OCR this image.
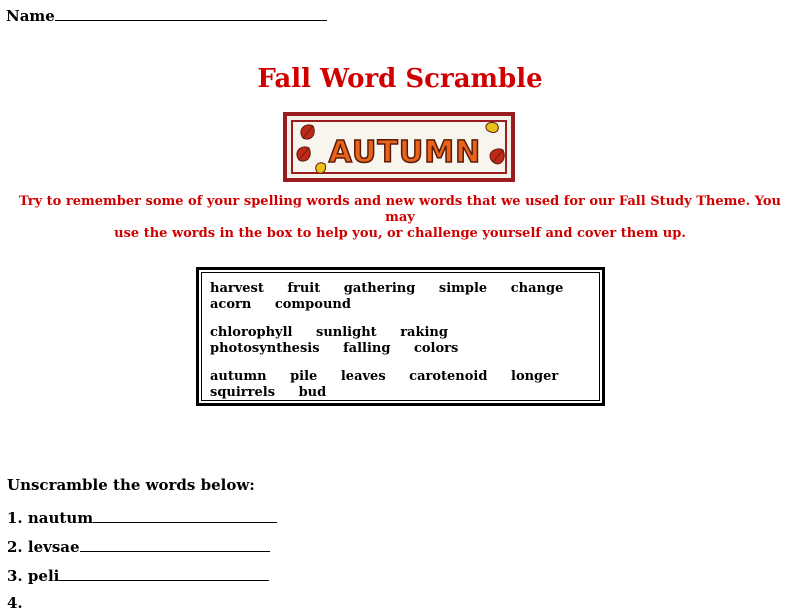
Name
Fall Word Scramble
AUTUMN
Try to remember some of your spelling words and new words that we used for our Fall Study Theme. You may
use the words in the box to help you, or challenge yourself and cover them up.
harvest fruit gathering simple change acorn compound
chlorophyll sunlight raking photosynthesis falling colors
autumn pile leaves carotenoid longer squirrels bud
Unscramble the words below:
1. nautum
2. levsae
3. peli
4.
